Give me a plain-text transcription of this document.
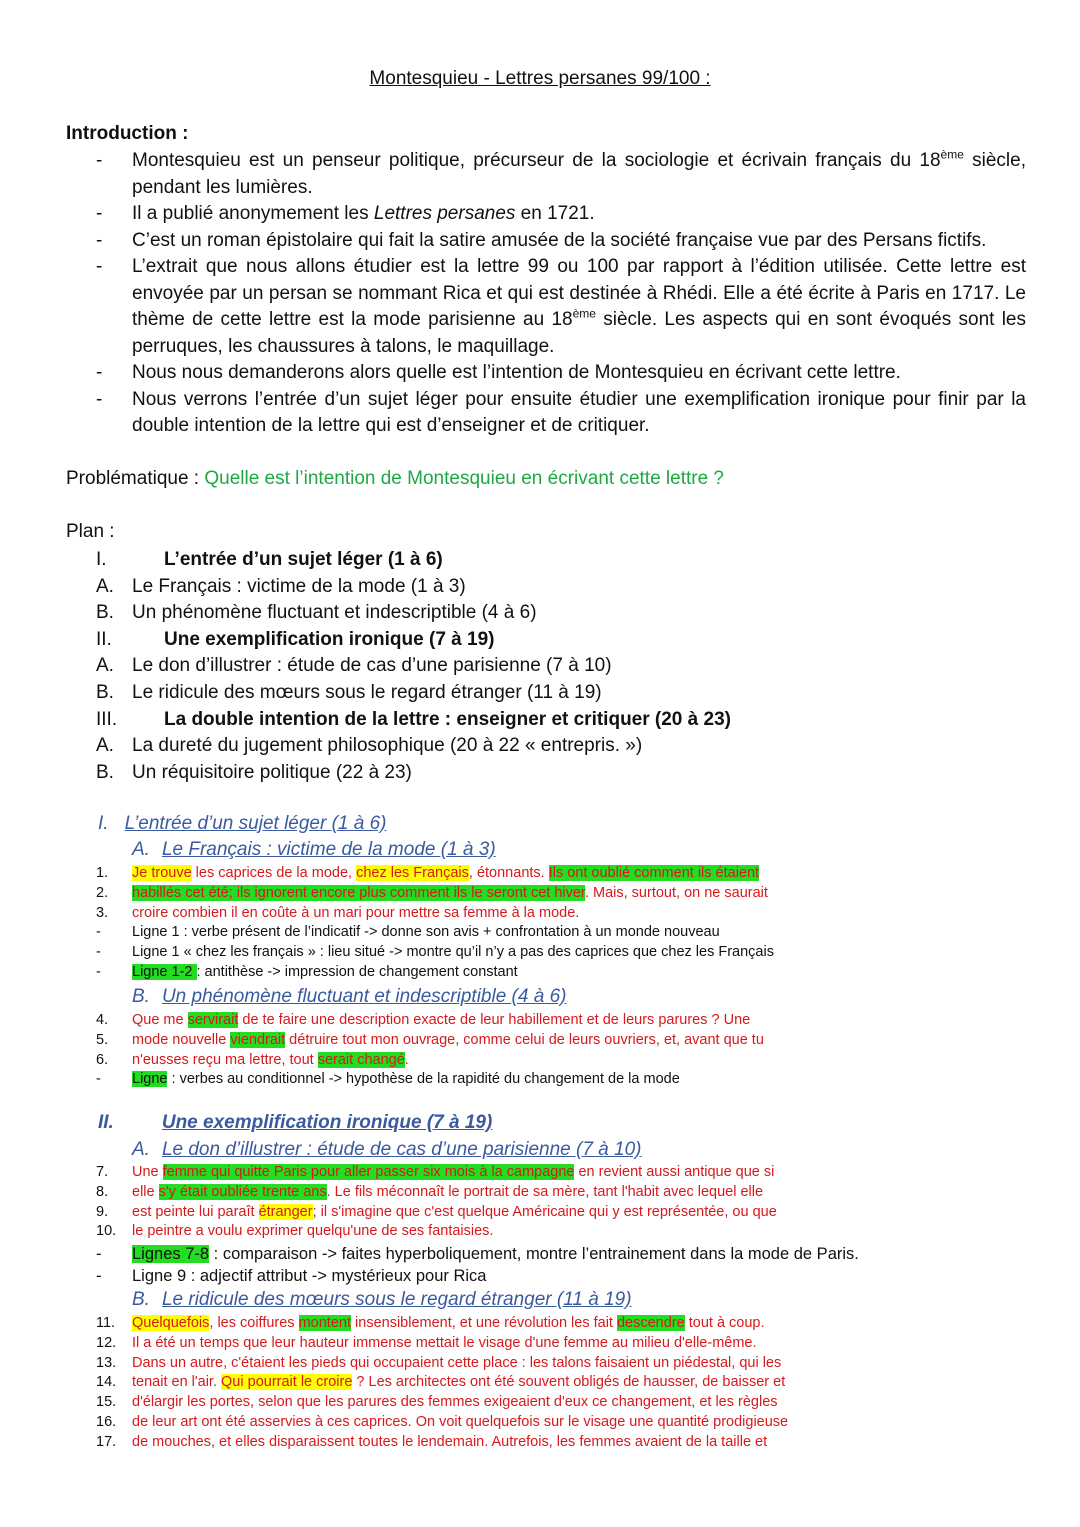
Montesquieu - Lettres persanes 99/100 :
Introduction :
- Montesquieu est un penseur politique, précurseur de la sociologie et écrivain français du 18ème siècle, pendant les lumières.
- Il a publié anonymement les Lettres persanes en 1721.
- C’est un roman épistolaire qui fait la satire amusée de la société française vue par des Persans fictifs.
- L’extrait que nous allons étudier est la lettre 99 ou 100 par rapport à l’édition utilisée. Cette lettre est envoyée par un persan se nommant Rica et qui est destinée à Rhédi. Elle a été écrite à Paris en 1717. Le thème de cette lettre est la mode parisienne au 18ème siècle. Les aspects qui en sont évoqués sont les perruques, les chaussures à talons, le maquillage.
- Nous nous demanderons alors quelle est l’intention de Montesquieu en écrivant cette lettre.
- Nous verrons l’entrée d’un sujet léger pour ensuite étudier une exemplification ironique pour finir par la double intention de la lettre qui est d’enseigner et de critiquer.
Problématique : Quelle est l’intention de Montesquieu en écrivant cette lettre ?
Plan :
I.	L’entrée d’un sujet léger (1 à 6)
A. Le Français : victime de la mode (1 à 3)
B. Un phénomène fluctuant et indescriptible (4 à 6)
II.	Une exemplification ironique (7 à 19)
A. Le don d’illustrer : étude de cas d’une parisienne (7 à 10)
B. Le ridicule des mœurs sous le regard étranger (11 à 19)
III. La double intention de la lettre : enseigner et critiquer (20 à 23)
A. La dureté du jugement philosophique (20 à 22 « entrepris. »)
B. Un réquisitoire politique (22 à 23)
I. L’entrée d’un sujet léger (1 à 6)
A. Le Français : victime de la mode (1 à 3)
1.	Je trouve les caprices de la mode, chez les Français, étonnants. Ils ont oublié comment ils étaient
2.	habillés cet été; ils ignorent encore plus comment ils le seront cet hiver. Mais, surtout, on ne saurait
3.	croire combien il en coûte à un mari pour mettre sa femme à la mode.
-	Ligne 1 : verbe présent de l’indicatif -> donne son avis + confrontation à un monde nouveau
-	Ligne 1 « chez les français » : lieu situé -> montre qu’il n’y a pas des caprices que chez les Français
-	Ligne 1-2 : antithèse -> impression de changement constant
B. Un phénomène fluctuant et indescriptible (4 à 6)
4.	Que me servirait de te faire une description exacte de leur habillement et de leurs parures ? Une
5.	mode nouvelle viendrait détruire tout mon ouvrage, comme celui de leurs ouvriers, et, avant que tu
6.	n'eusses reçu ma lettre, tout serait changé.
-	Ligne : verbes au conditionnel -> hypothèse de la rapidité du changement de la mode
II.	Une exemplification ironique (7 à 19)
A. Le don d’illustrer : étude de cas d’une parisienne (7 à 10)
7.	Une femme qui quitte Paris pour aller passer six mois à la campagne en revient aussi antique que si
8.	elle s'y était oubliée trente ans. Le fils méconnaît le portrait de sa mère, tant l'habit avec lequel elle
9.	est peinte lui paraît étranger; il s'imagine que c'est quelque Américaine qui y est représentée, ou que
10. le peintre a voulu exprimer quelqu'une de ses fantaisies.
-	Lignes 7-8 : comparaison -> faites hyperboliquement, montre l’entrainement dans la mode de Paris.
-	Ligne 9 : adjectif attribut -> mystérieux pour Rica
B. Le ridicule des mœurs sous le regard étranger (11 à 19)
11.	Quelquefois, les coiffures montent insensiblement, et une révolution les fait descendre tout à coup.
12. Il a été un temps que leur hauteur immense mettait le visage d'une femme au milieu d'elle-même.
13. Dans un autre, c'étaient les pieds qui occupaient cette place : les talons faisaient un piédestal, qui les
14. tenait en l'air. Qui pourrait le croire ? Les architectes ont été souvent obligés de hausser, de baisser et
15. d'élargir les portes, selon que les parures des femmes exigeaient d'eux ce changement, et les règles
16. de leur art ont été asservies à ces caprices. On voit quelquefois sur le visage une quantité prodigieuse
17. de mouches, et elles disparaissent toutes le lendemain. Autrefois, les femmes avaient de la taille et
